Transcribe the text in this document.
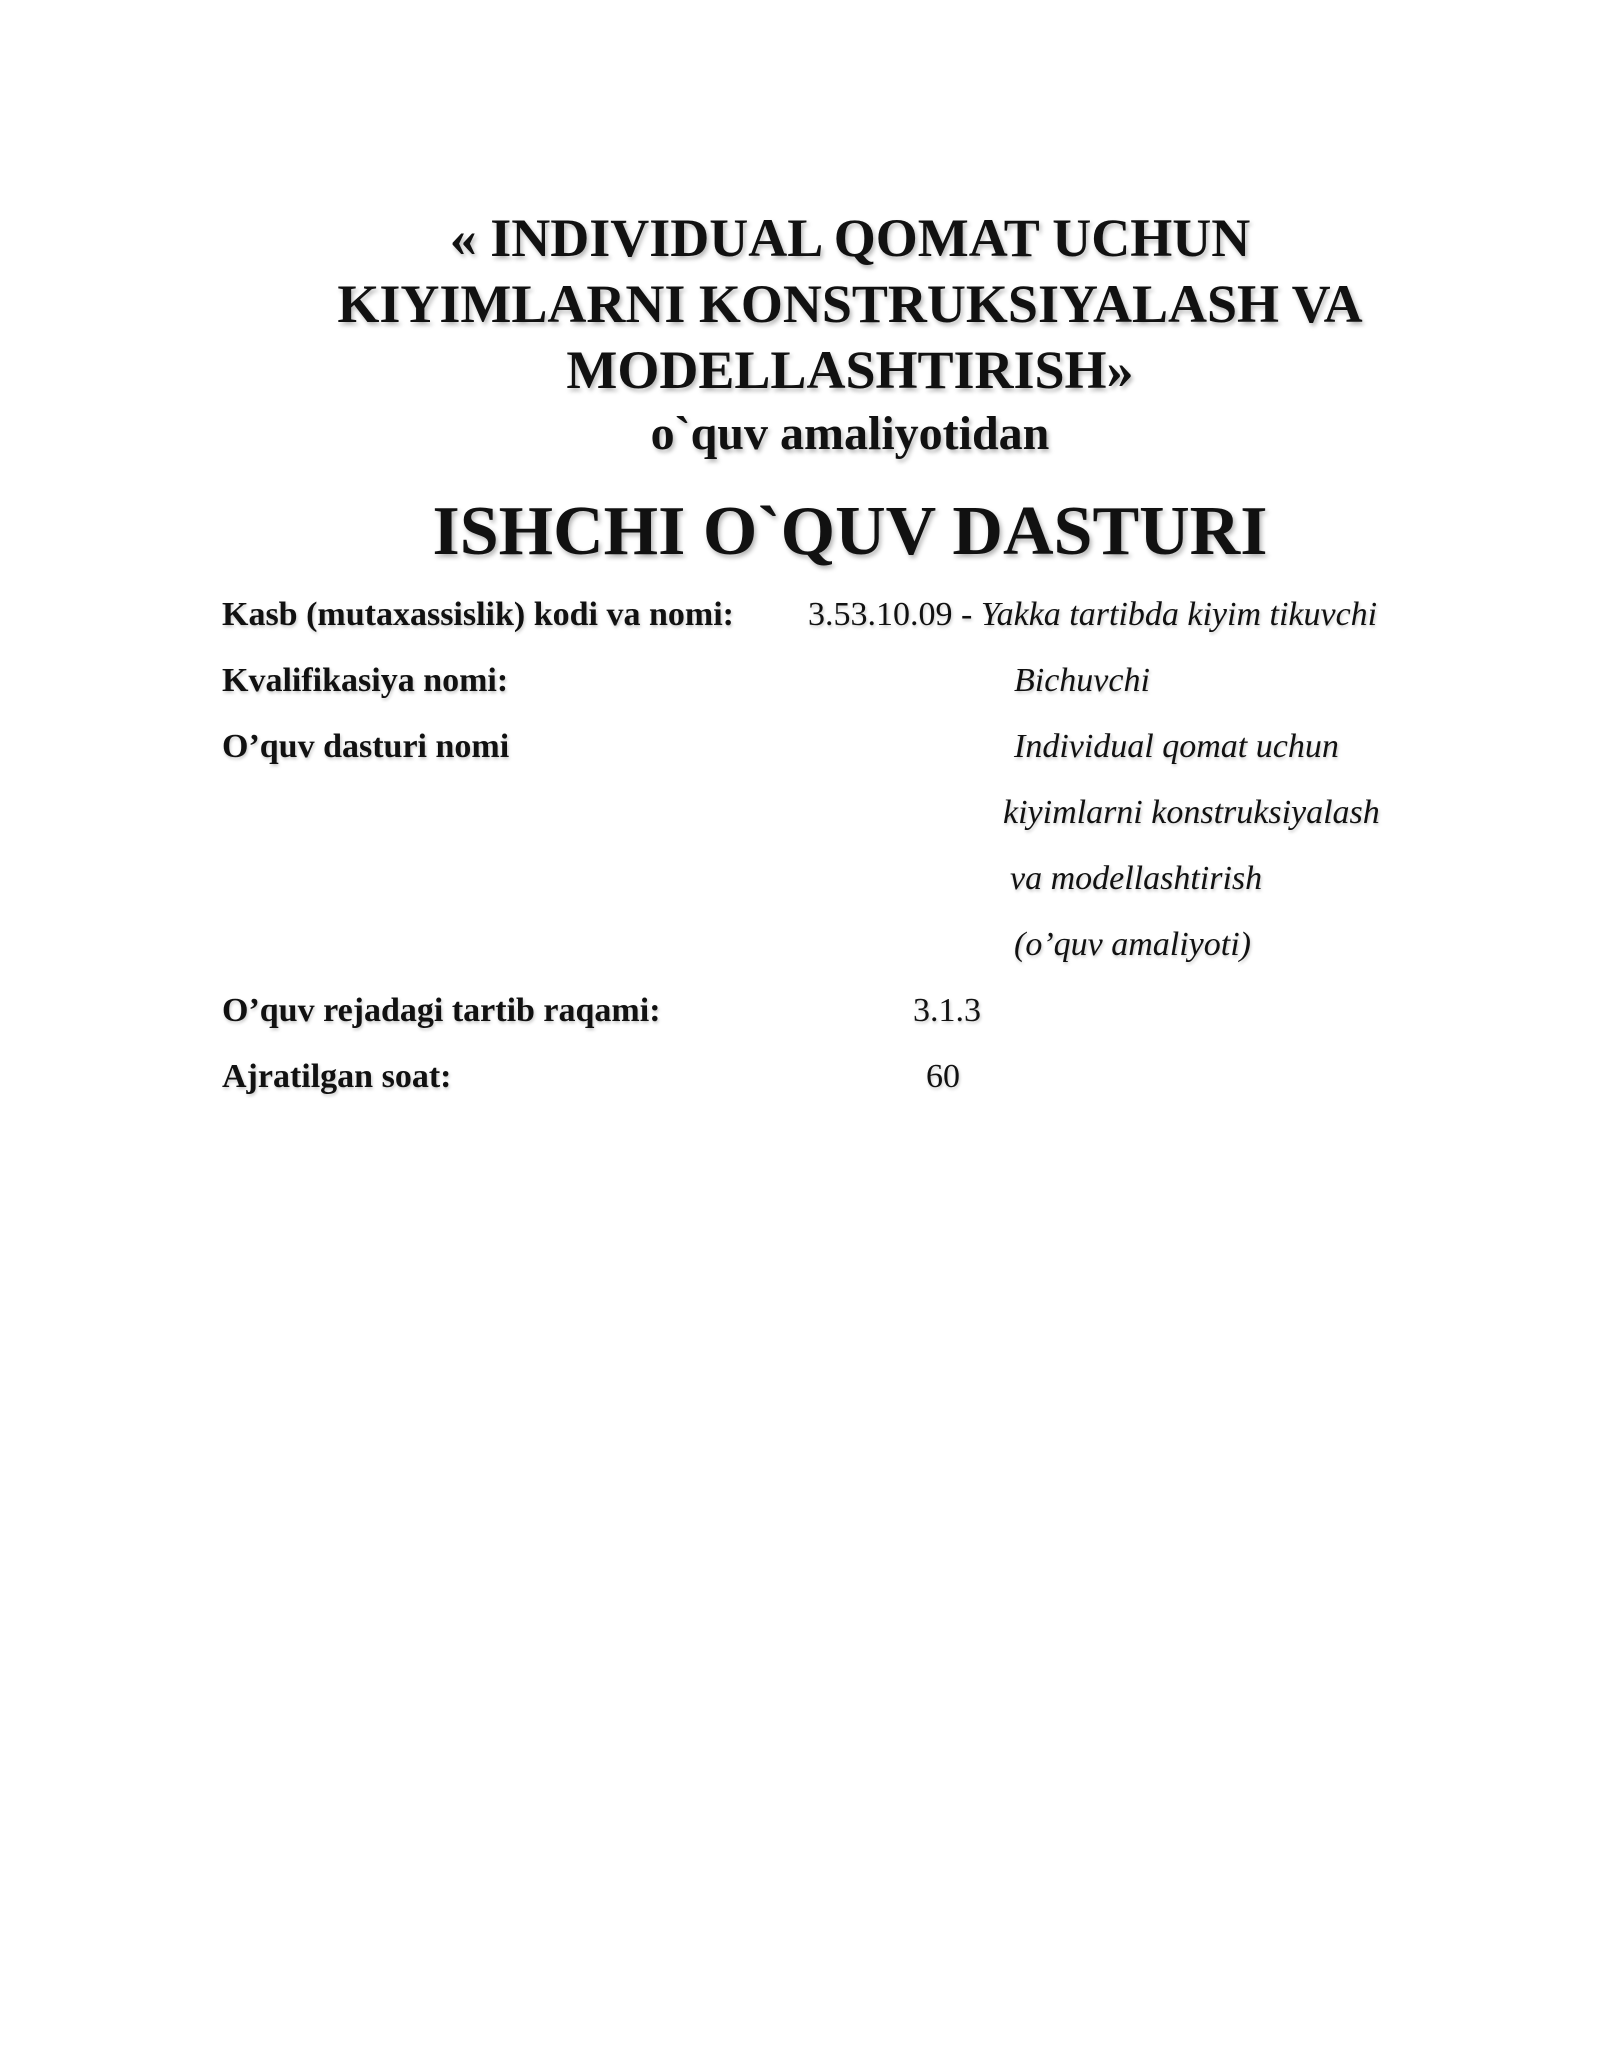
« INDIVIDUAL QOMAT UCHUN
KIYIMLARNI KONSTRUKSIYALASH VA
MODELLASHTIRISH»
o`quv amaliyotidan
ISHCHI O`QUV DASTURI
Kasb (mutaxassislik) kodi va nomi: 3.53.10.09 - Yakka tartibda kiyim tikuvchi
Kvalifikasiya nomi:	Bichuvchi
O’quv dasturi nomi	Individual qomat uchun
kiyimlarni konstruksiyalash
va modellashtirish
(o’quv amaliyoti)
O’quv rejadagi tartib raqami:	3.1.3
Ajratilgan soat:	60
